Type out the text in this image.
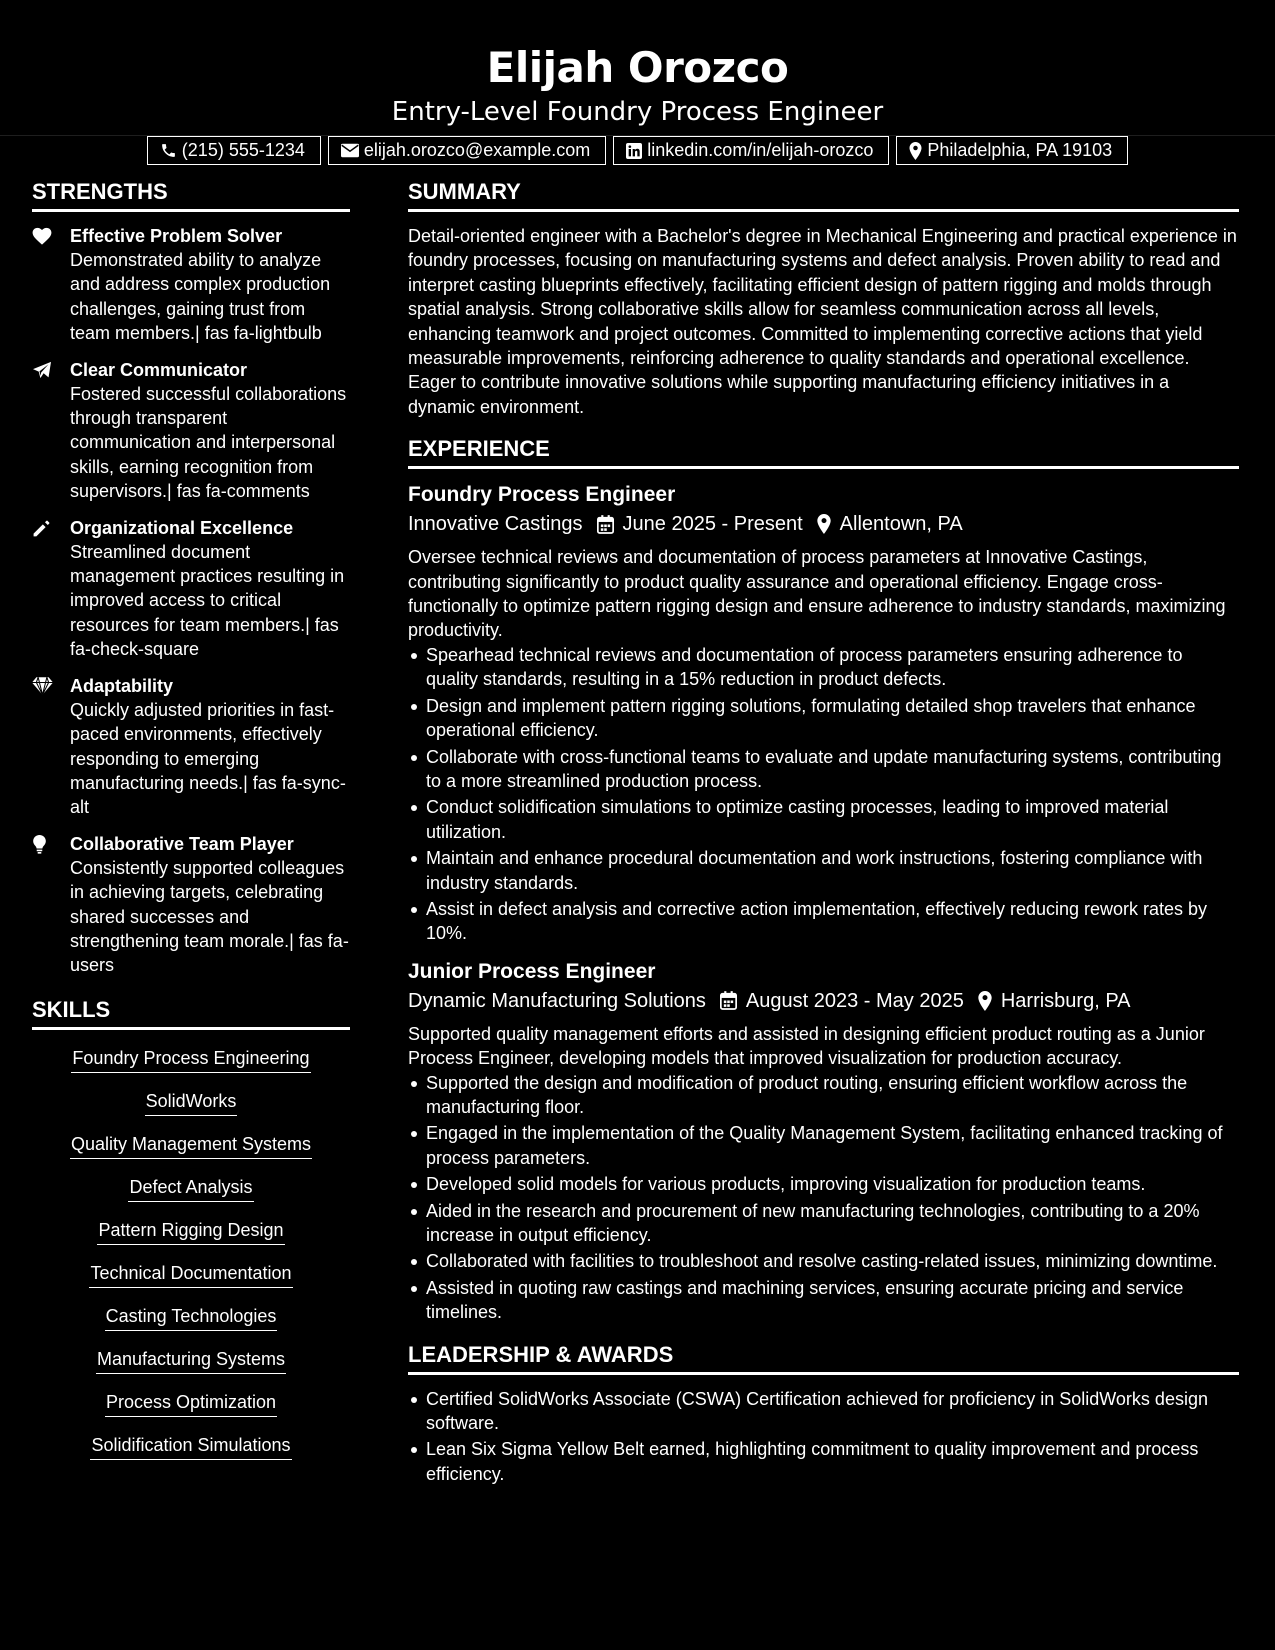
Elijah Orozco
Entry-Level Foundry Process Engineer
(215) 555-1234	elijah.orozco@example.com	linkedin.com/in/elijah-orozco	Philadelphia, PA 19103
STRENGTHS
Effective Problem Solver
Demonstrated ability to analyze and address complex production challenges, gaining trust from team members.| fas fa-lightbulb
Clear Communicator
Fostered successful collaborations through transparent communication and interpersonal skills, earning recognition from supervisors.| fas fa-comments
Organizational Excellence
Streamlined document management practices resulting in improved access to critical resources for team members.| fas fa-check-square
Adaptability
Quickly adjusted priorities in fast-paced environments, effectively responding to emerging manufacturing needs.| fas fa-sync-alt
Collaborative Team Player
Consistently supported colleagues in achieving targets, celebrating shared successes and strengthening team morale.| fas fa-users
SKILLS
Foundry Process Engineering
SolidWorks
Quality Management Systems
Defect Analysis
Pattern Rigging Design
Technical Documentation
Casting Technologies
Manufacturing Systems
Process Optimization
Solidification Simulations
SUMMARY
Detail-oriented engineer with a Bachelor's degree in Mechanical Engineering and practical experience in foundry processes, focusing on manufacturing systems and defect analysis. Proven ability to read and interpret casting blueprints effectively, facilitating efficient design of pattern rigging and molds through spatial analysis. Strong collaborative skills allow for seamless communication across all levels, enhancing teamwork and project outcomes. Committed to implementing corrective actions that yield measurable improvements, reinforcing adherence to quality standards and operational excellence. Eager to contribute innovative solutions while supporting manufacturing efficiency initiatives in a dynamic environment.
EXPERIENCE
Foundry Process Engineer
Innovative Castings June 2025 - Present Allentown, PA
Oversee technical reviews and documentation of process parameters at Innovative Castings, contributing significantly to product quality assurance and operational efficiency. Engage cross-functionally to optimize pattern rigging design and ensure adherence to industry standards, maximizing productivity.
Spearhead technical reviews and documentation of process parameters ensuring adherence to quality standards, resulting in a 15% reduction in product defects.
Design and implement pattern rigging solutions, formulating detailed shop travelers that enhance operational efficiency.
Collaborate with cross-functional teams to evaluate and update manufacturing systems, contributing to a more streamlined production process.
Conduct solidification simulations to optimize casting processes, leading to improved material utilization.
Maintain and enhance procedural documentation and work instructions, fostering compliance with industry standards.
Assist in defect analysis and corrective action implementation, effectively reducing rework rates by 10%.
Junior Process Engineer
Dynamic Manufacturing Solutions August 2023 - May 2025 Harrisburg, PA
Supported quality management efforts and assisted in designing efficient product routing as a Junior Process Engineer, developing models that improved visualization for production accuracy.
Supported the design and modification of product routing, ensuring efficient workflow across the manufacturing floor.
Engaged in the implementation of the Quality Management System, facilitating enhanced tracking of process parameters.
Developed solid models for various products, improving visualization for production teams.
Aided in the research and procurement of new manufacturing technologies, contributing to a 20% increase in output efficiency.
Collaborated with facilities to troubleshoot and resolve casting-related issues, minimizing downtime.
Assisted in quoting raw castings and machining services, ensuring accurate pricing and service timelines.
LEADERSHIP & AWARDS
Certified SolidWorks Associate (CSWA) Certification achieved for proficiency in SolidWorks design software.
Lean Six Sigma Yellow Belt earned, highlighting commitment to quality improvement and process efficiency.
